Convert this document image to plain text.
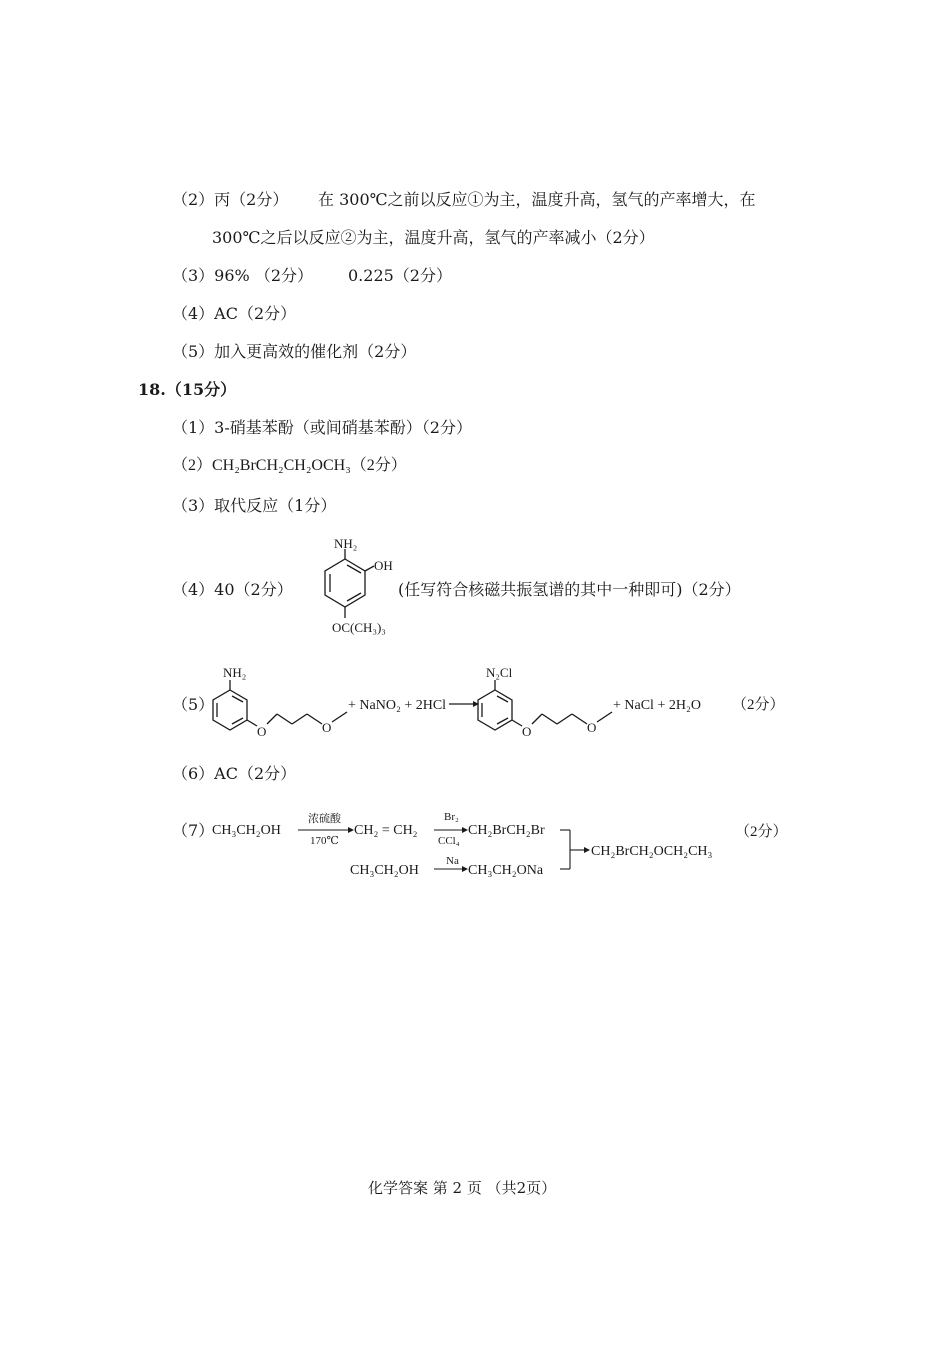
（2）丙（2分） 在 300℃之前以反应①为主，温度升高，氢气的产率增大，在
300℃之后以反应②为主，温度升高，氢气的产率减小（2分）
（3）96% （2分） 0.225（2分）
（4）AC（2分）
（5）加入更高效的催化剂（2分）
18.（15分）
（1）3-硝基苯酚（或间硝基苯酚）（2分）
（2）CH₂BrCH₂CH₂OCH₃（2分）
（3）取代反应（1分）
（4）40（2分）
NH₂
OH
OC(CH₃)₃
(任写符合核磁共振氢谱的其中一种即可)（2分）
（5）
NH₂
O	O
+ NaNO₂ + 2HCl
N₂Cl
O	O
+ NaCl + 2H₂O （2分）
（6）AC（2分）
（7）
CH₃CH₂OH
浓硫酸
170℃
CH₂ = CH₂
Br₂
CCl₄
CH₂BrCH₂Br
CH₃CH₂OH
Na
CH₃CH₂ONa
CH₂BrCH₂OCH₂CH₃
（2分）
化学答案 第 2 页 （共2页）
